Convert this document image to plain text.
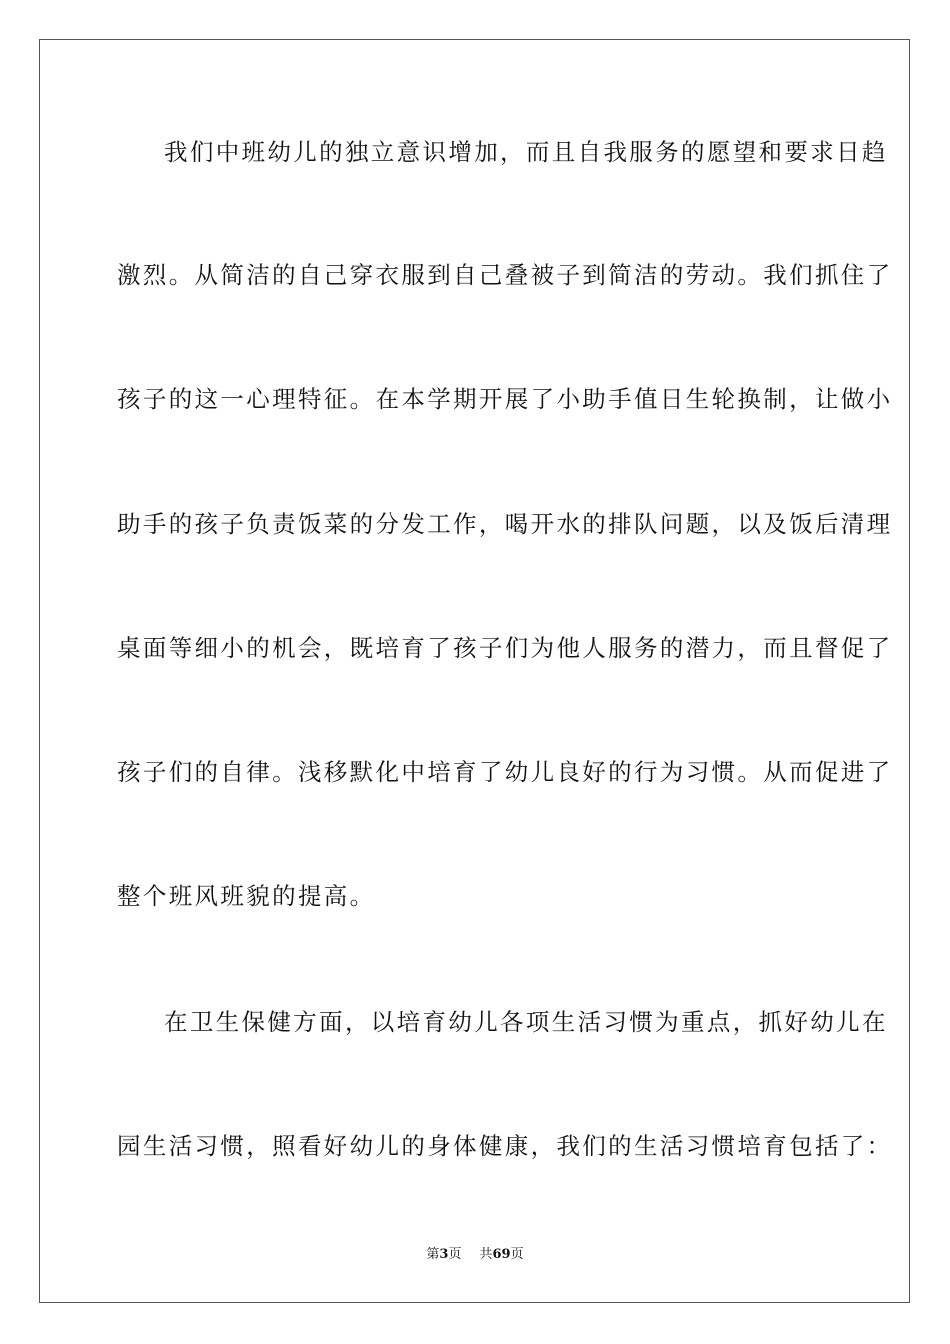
我们中班幼儿的独立意识增加，而且自我服务的愿望和要求日趋
激烈。从简洁的自己穿衣服到自己叠被子到简洁的劳动。我们抓住了
孩子的这一心理特征。在本学期开展了小助手值日生轮换制，让做小
助手的孩子负责饭菜的分发工作，喝开水的排队问题，以及饭后清理
桌面等细小的机会，既培育了孩子们为他人服务的潜力，而且督促了
孩子们的自律。浅移默化中培育了幼儿良好的行为习惯。从而促进了
整个班风班貌的提高。
在卫生保健方面，以培育幼儿各项生活习惯为重点，抓好幼儿在
园生活习惯，照看好幼儿的身体健康，我们的生活习惯培育包括了：
第3页 共69页
